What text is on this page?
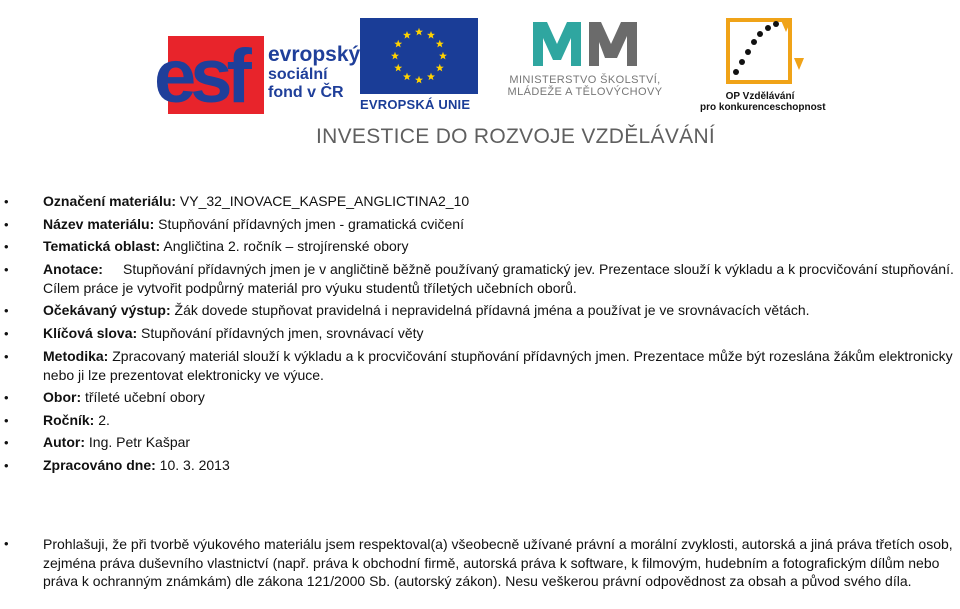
esf	evropský
sociální
fond v ČR
EVROPSKÁ UNIE
MINISTERSTVO ŠKOLSTVÍ,
MLÁDEŽE A TĚLOVÝCHOVY	OP Vzdělávání
pro konkurenceschopnost
INVESTICE DO ROZVOJE VZDĚLÁVÁNÍ
• Označení materiálu: VY_32_INOVACE_KASPE_ANGLICTINA2_10
• Název materiálu: Stupňování přídavných jmen - gramatická cvičení
• Tematická oblast: Angličtina 2. ročník – strojírenské obory
• Anotace: Stupňování přídavných jmen je v angličtině běžně používaný gramatický jev. Prezentace slouží k výkladu a k procvičování stupňování. Cílem práce je vytvořit podpůrný materiál pro výuku studentů tříletých učebních oborů.
• Očekávaný výstup: Žák dovede stupňovat pravidelná i nepravidelná přídavná jména a používat je ve srovnávacích větách.
• Klíčová slova: Stupňování přídavných jmen, srovnávací věty
• Metodika: Zpracovaný materiál slouží k výkladu a k procvičování stupňování přídavných jmen. Prezentace může být rozeslána žákům elektronicky nebo ji lze prezentovat elektronicky ve výuce.
• Obor: tříleté učební obory
• Ročník: 2.
• Autor: Ing. Petr Kašpar
• Zpracováno dne: 10. 3. 2013
• Prohlašuji, že při tvorbě výukového materiálu jsem respektoval(a) všeobecně užívané právní a morální zvyklosti, autorská a jiná práva třetích osob, zejména práva duševního vlastnictví (např. práva k obchodní firmě, autorská práva k software, k filmovým, hudebním a fotografickým dílům nebo práva k ochranným známkám) dle zákona 121/2000 Sb. (autorský zákon). Nesu veškerou právní odpovědnost za obsah a původ svého díla.
